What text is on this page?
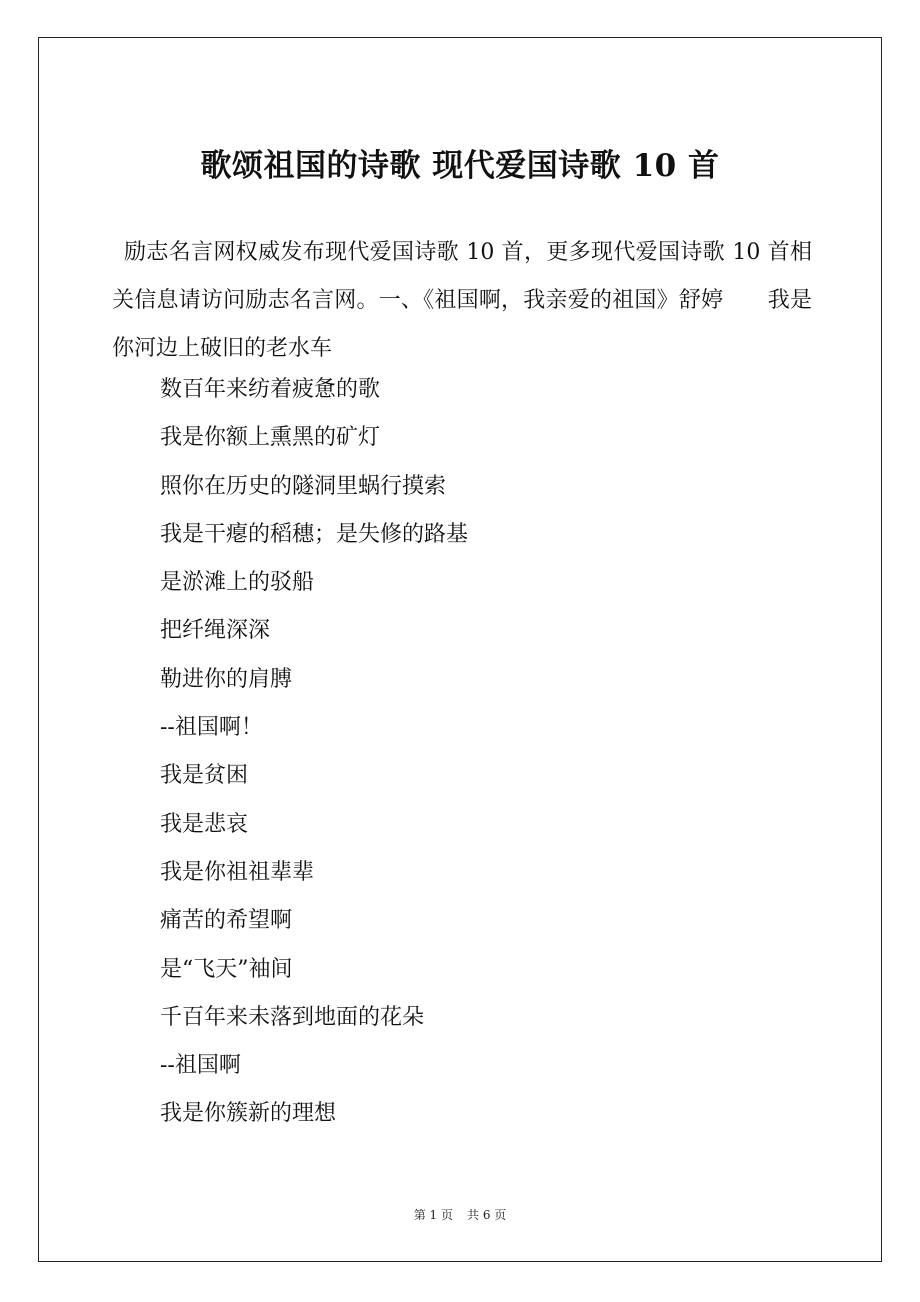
歌颂祖国的诗歌 现代爱国诗歌 10 首

励志名言网权威发布现代爱国诗歌 10 首，更多现代爱国诗歌 10 首相关信息请访问励志名言网。一、《祖国啊，我亲爱的祖国》舒婷　　我是你河边上破旧的老水车

数百年来纺着疲惫的歌
我是你额上熏黑的矿灯
照你在历史的隧洞里蜗行摸索
我是干瘪的稻穗；是失修的路基
是淤滩上的驳船
把纤绳深深
勒进你的肩膊
--祖国啊！
我是贫困
我是悲哀
我是你祖祖辈辈
痛苦的希望啊
是“飞天”袖间
千百年来未落到地面的花朵
--祖国啊
我是你簇新的理想
第 1 页 共 6 页
